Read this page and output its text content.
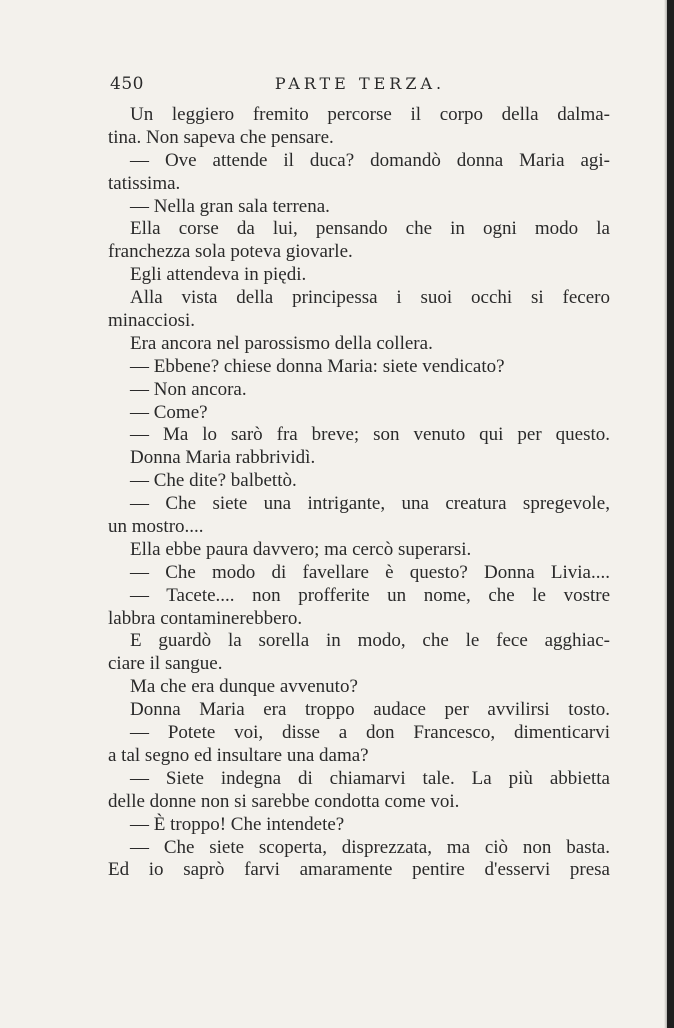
450	PARTE TERZA.
Un leggiero fremito percorse il corpo della dalma-
tina. Non sapeva che pensare.
— Ove attende il duca? domandò donna Maria agi-
tatissima.
— Nella gran sala terrena.
Ella corse da lui, pensando che in ogni modo la
franchezza sola poteva giovarle.
Egli attendeva in piędi.
Alla vista della principessa i suoi occhi si fecero
minacciosi.
Era ancora nel parossismo della collera.
— Ebbene? chiese donna Maria: siete vendicato?
— Non ancora.
— Come?
— Ma lo sarò fra breve; son venuto qui per questo.
Donna Maria rabbrividì.
— Che dite? balbettò.
— Che siete una intrigante, una creatura spregevole,
un mostro....
Ella ebbe paura davvero; ma cercò superarsi.
— Che modo di favellare è questo? Donna Livia....
— Tacete.... non profferite un nome, che le vostre
labbra contaminerebbero.
E guardò la sorella in modo, che le fece agghiac-
ciare il sangue.
Ma che era dunque avvenuto?
Donna Maria era troppo audace per avvilirsi tosto.
— Potete voi, disse a don Francesco, dimenticarvi
a tal segno ed insultare una dama?
— Siete indegna di chiamarvi tale. La più abbietta
delle donne non si sarebbe condotta come voi.
— È troppo! Che intendete?
— Che siete scoperta, disprezzata, ma ciò non basta.
Ed io saprò farvi amaramente pentire d'esservi presa
